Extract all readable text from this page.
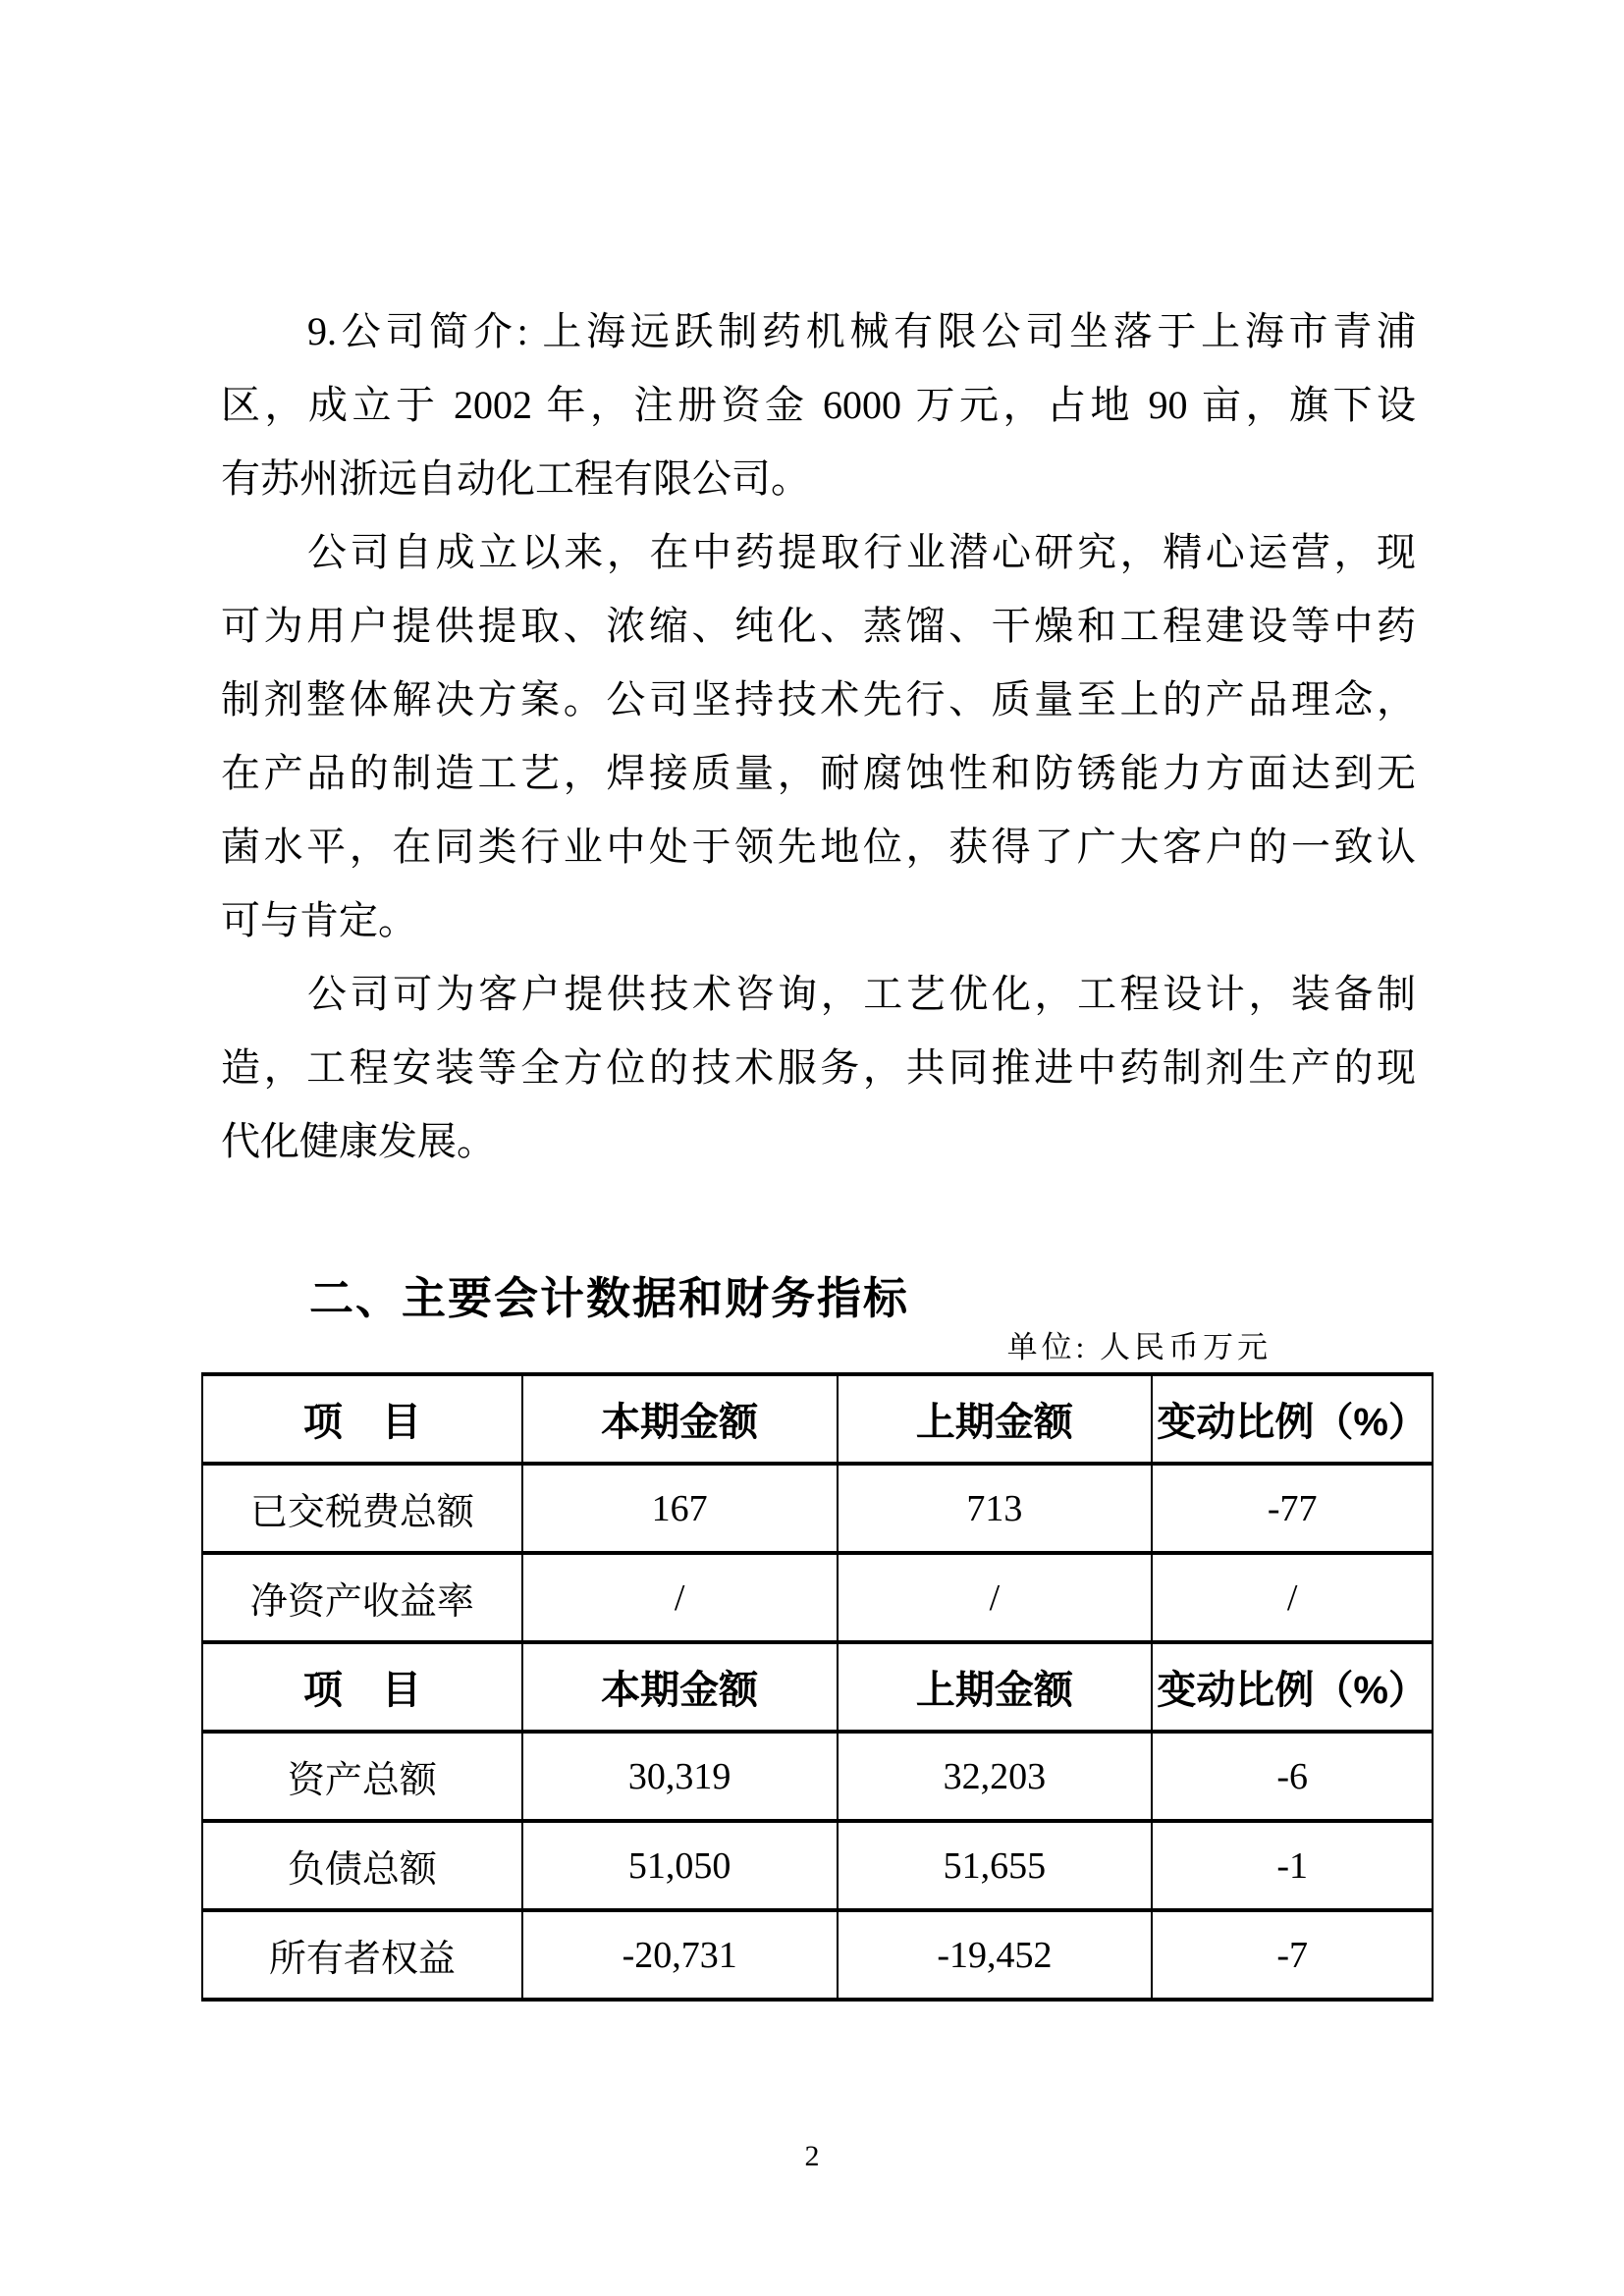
9.公司简介: 上海远跃制药机械有限公司坐落于上海市青浦
区，成立于 2002 年，注册资金 6000 万元，占地 90 亩，旗下设
有苏州浙远自动化工程有限公司。
公司自成立以来，在中药提取行业潜心研究，精心运营，现
可为用户提供提取、浓缩、纯化、蒸馏、干燥和工程建设等中药
制剂整体解决方案。公司坚持技术先行、质量至上的产品理念，
在产品的制造工艺，焊接质量，耐腐蚀性和防锈能力方面达到无
菌水平，在同类行业中处于领先地位，获得了广大客户的一致认
可与肯定。
公司可为客户提供技术咨询，工艺优化，工程设计，装备制
造，工程安装等全方位的技术服务，共同推进中药制剂生产的现
代化健康发展。
二、主要会计数据和财务指标
单位: 人民币万元
项　目	本期金额	上期金额	变动比例（%）
已交税费总额	167	713	-77
净资产收益率	/	/	/
项　目	本期金额	上期金额	变动比例（%）
资产总额	30,319	32,203	-6
负债总额	51,050	51,655	-1
所有者权益	-20,731	-19,452	-7
2
